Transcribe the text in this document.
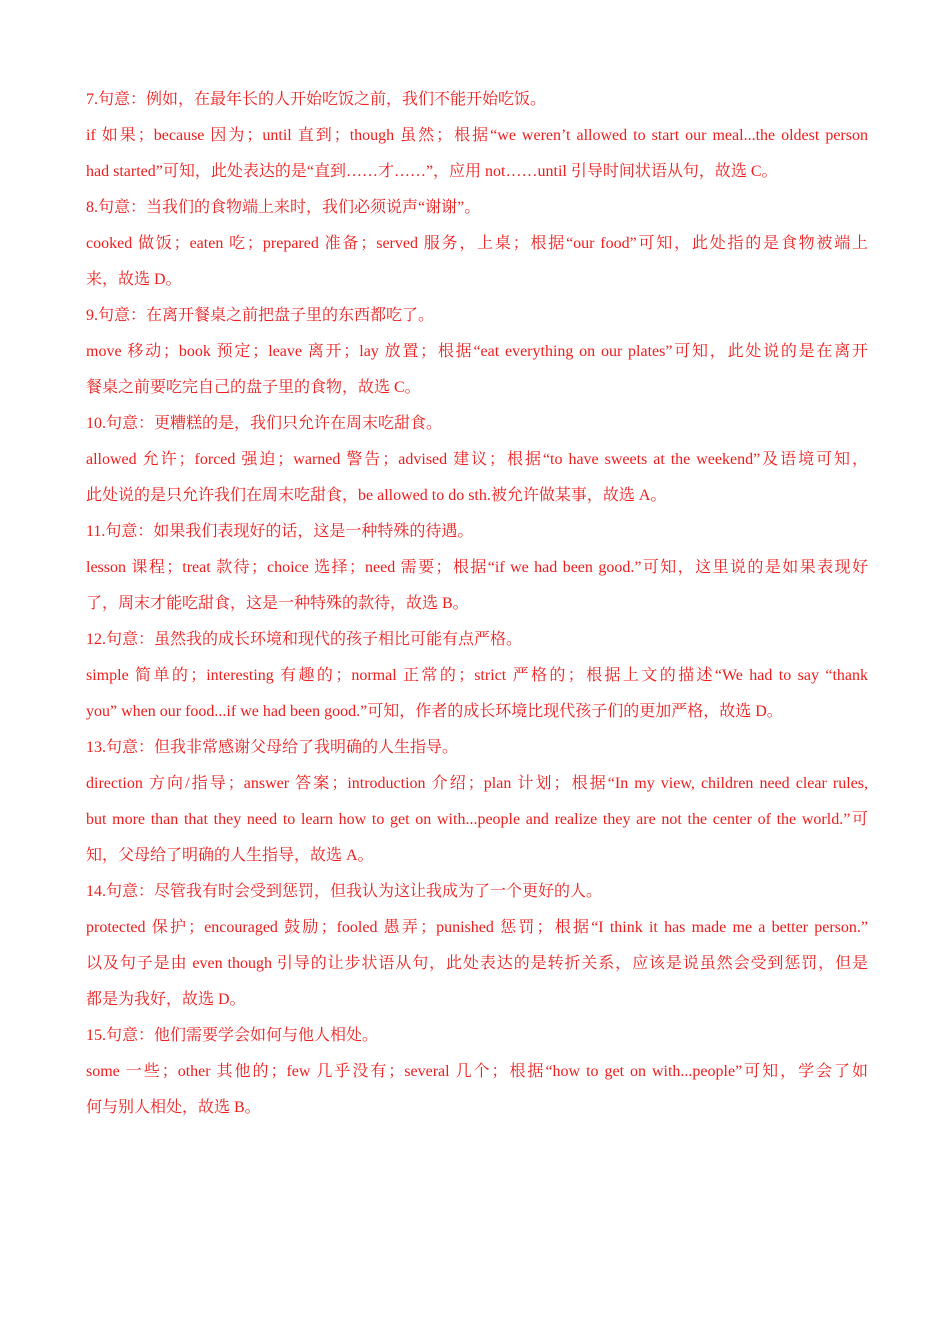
7.句意：例如，在最年长的人开始吃饭之前，我们不能开始吃饭。
if 如果；because 因为；until 直到；though 虽然；根据“we weren’t allowed to start our meal...the oldest person
had started”可知，此处表达的是“直到……才……”，应用 not……until 引导时间状语从句，故选 C。
8.句意：当我们的食物端上来时，我们必须说声“谢谢”。
cooked 做饭；eaten 吃；prepared 准备；served 服务，上桌；根据“our food”可知，此处指的是食物被端上
来，故选 D。
9.句意：在离开餐桌之前把盘子里的东西都吃了。
move 移动；book 预定；leave 离开；lay 放置；根据“eat everything on our plates”可知，此处说的是在离开
餐桌之前要吃完自己的盘子里的食物，故选 C。
10.句意：更糟糕的是，我们只允许在周末吃甜食。
allowed 允许；forced 强迫；warned 警告；advised 建议；根据“to have sweets at the weekend”及语境可知，
此处说的是只允许我们在周末吃甜食，be allowed to do sth.被允许做某事，故选 A。
11.句意：如果我们表现好的话，这是一种特殊的待遇。
lesson 课程；treat 款待；choice 选择；need 需要；根据“if we had been good.”可知，这里说的是如果表现好
了，周末才能吃甜食，这是一种特殊的款待，故选 B。
12.句意：虽然我的成长环境和现代的孩子相比可能有点严格。
simple 简单的；interesting 有趣的；normal 正常的；strict 严格的；根据上文的描述“We had to say “thank
you” when our food...if we had been good.”可知，作者的成长环境比现代孩子们的更加严格，故选 D。
13.句意：但我非常感谢父母给了我明确的人生指导。
direction 方向/指导；answer 答案；introduction 介绍；plan 计划；根据“In my view, children need clear rules,
but more than that they need to learn how to get on with...people and realize they are not the center of the world.”可
知，父母给了明确的人生指导，故选 A。
14.句意：尽管我有时会受到惩罚，但我认为这让我成为了一个更好的人。
protected 保护；encouraged 鼓励；fooled 愚弄；punished 惩罚；根据“I think it has made me a better person.”
以及句子是由 even though 引导的让步状语从句，此处表达的是转折关系，应该是说虽然会受到惩罚，但是
都是为我好，故选 D。
15.句意：他们需要学会如何与他人相处。
some 一些；other 其他的；few 几乎没有；several 几个；根据“how to get on with...people”可知，学会了如
何与别人相处，故选 B。
